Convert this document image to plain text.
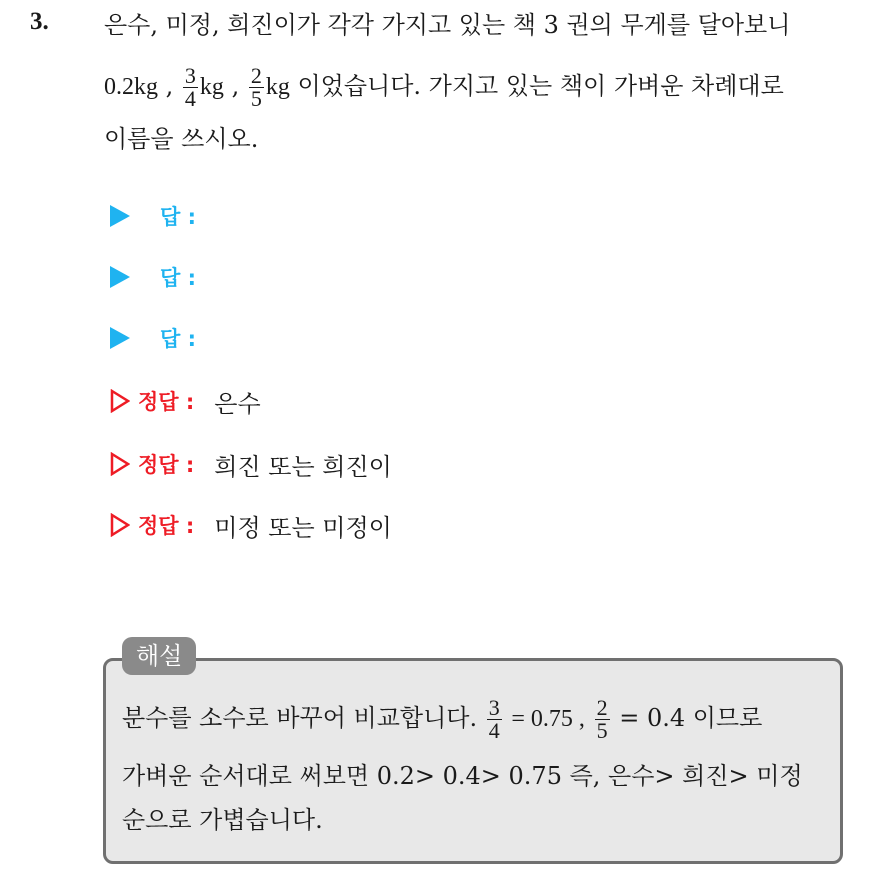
3. 은수, 미정, 희진이가 각각 가지고 있는 책 3 권의 무게를 달아보니
0.2kg , $\frac{3}{4}$ kg , $\frac{2}{5}$ kg 이었습니다. 가지고 있는 책이 가벼운 차례대로
이름을 쓰시오.
답 :
답 :
답 :
정답 : 은수
정답 : 희진 또는 희진이
정답 : 미정 또는 미정이
해설
분수를 소수로 바꾸어 비교합니다. $\frac{3}{4} = 0.75$ , $\frac{2}{5} = 0.4$ 이므로
가벼운 순서대로 써보면 0.2> 0.4> 0.75 즉, 은수> 희진> 미정
순으로 가볍습니다.
